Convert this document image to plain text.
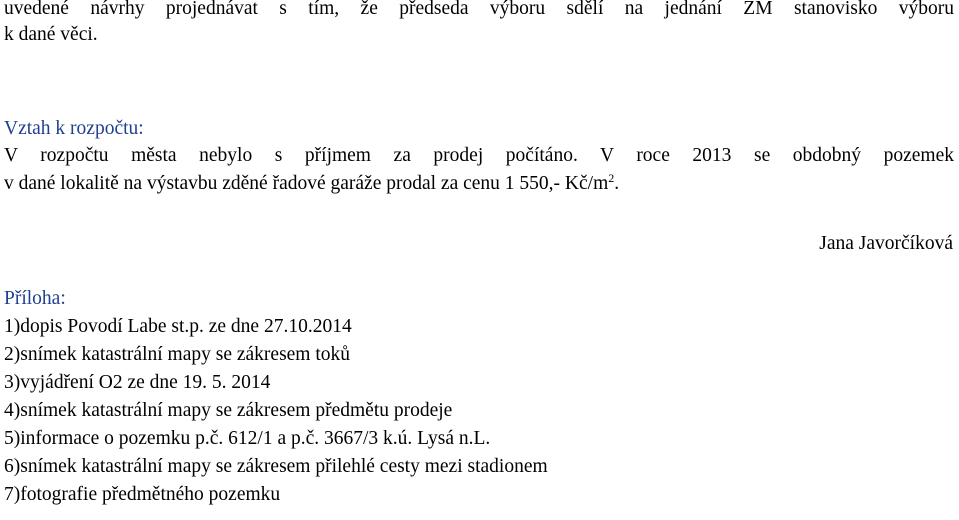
uvedené návrhy projednávat s tím, že předseda výboru sdělí na jednání ZM stanovisko výboru
k dané věci.
Vztah k rozpočtu:
V rozpočtu města nebylo s příjmem za prodej počítáno. V roce 2013 se obdobný pozemek
v dané lokalitě na výstavbu zděné řadové garáže prodal za cenu 1 550,- $Kč/m^2$.
Jana Javorčíková
Příloha:
1)dopis Povodí Labe st.p. ze dne 27.10.2014
2)snímek katastrální mapy se zákresem toků
3)vyjádření O2 ze dne 19. 5. 2014
4)snímek katastrální mapy se zákresem předmětu prodeje
5)informace o pozemku p.č. 612/1 a p.č. 3667/3 k.ú. Lysá n.L.
6)snímek katastrální mapy se zákresem přilehlé cesty mezi stadionem
7)fotografie předmětného pozemku
